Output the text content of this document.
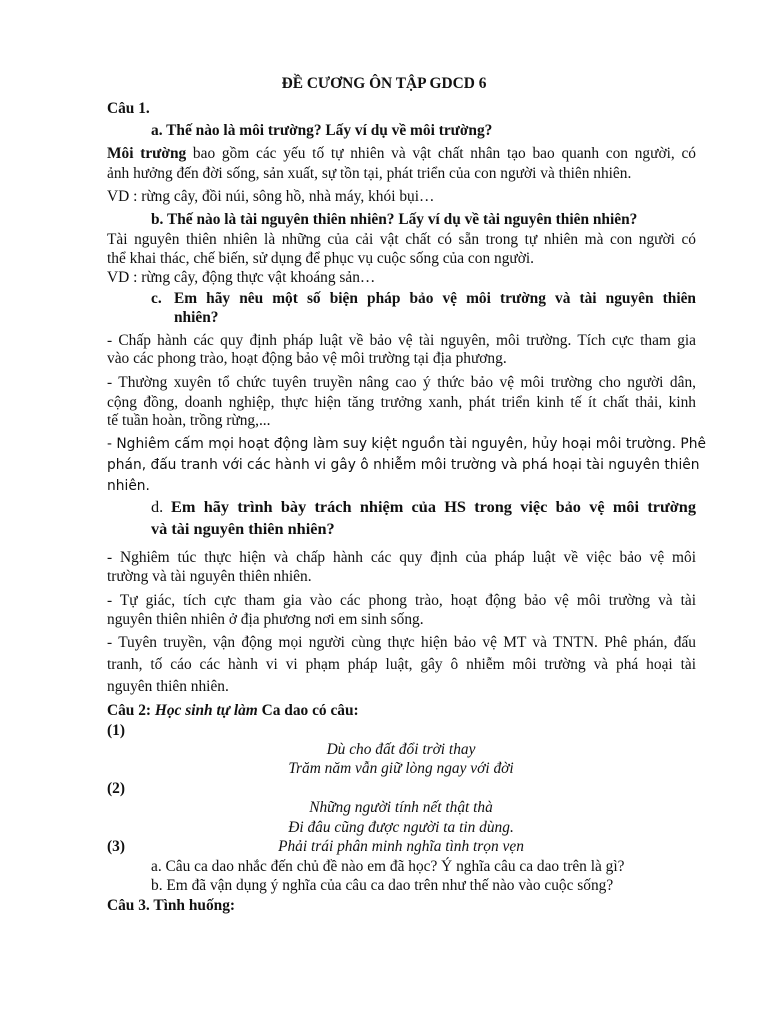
ĐỀ CƯƠNG ÔN TẬP GDCD 6
Câu 1.
a. Thế nào là môi trường? Lấy ví dụ về môi trường?
Môi trường bao gồm các yếu tố tự nhiên và vật chất nhân tạo bao quanh con người, có
ảnh hưởng đến đời sống, sản xuất, sự tồn tại, phát triển của con người và thiên nhiên.
VD : rừng cây, đồi núi, sông hồ, nhà máy, khói bụi…
b. Thế nào là tài nguyên thiên nhiên? Lấy ví dụ về tài nguyên thiên nhiên?
Tài nguyên thiên nhiên là những của cải vật chất có sẵn trong tự nhiên mà con người có
thể khai thác, chế biến, sử dụng để phục vụ cuộc sống của con người.
VD : rừng cây, động thực vật khoáng sản…
c. Em hãy nêu một số biện pháp bảo vệ môi trường và tài nguyên thiên
nhiên?
- Chấp hành các quy định pháp luật về bảo vệ tài nguyên, môi trường. Tích cực tham gia
vào các phong trào, hoạt động bảo vệ môi trường tại địa phương.
- Thường xuyên tổ chức tuyên truyền nâng cao ý thức bảo vệ môi trường cho người dân,
cộng đồng, doanh nghiệp, thực hiện tăng trưởng xanh, phát triển kinh tế ít chất thải, kinh
tế tuần hoàn, trồng rừng,...
- Nghiêm cấm mọi hoạt động làm suy kiệt nguồn tài nguyên, hủy hoại môi trường. Phê
phán, đấu tranh với các hành vi gây ô nhiễm môi trường và phá hoại tài nguyên thiên
nhiên.
d. Em hãy trình bày trách nhiệm của HS trong việc bảo vệ môi trường
và tài nguyên thiên nhiên?
- Nghiêm túc thực hiện và chấp hành các quy định của pháp luật về việc bảo vệ môi
trường và tài nguyên thiên nhiên.
- Tự giác, tích cực tham gia vào các phong trào, hoạt động bảo vệ môi trường và tài
nguyên thiên nhiên ở địa phương nơi em sinh sống.
- Tuyên truyền, vận động mọi người cùng thực hiện bảo vệ MT và TNTN. Phê phán, đấu
tranh, tố cáo các hành vi vi phạm pháp luật, gây ô nhiễm môi trường và phá hoại tài
nguyên thiên nhiên.
Câu 2: Học sinh tự làm Ca dao có câu:
(1)
Dù cho đất đổi trời thay
Trăm năm vẫn giữ lòng ngay với đời
(2)
Những người tính nết thật thà
Đi đâu cũng được người ta tin dùng.
(3)	Phải trái phân minh nghĩa tình trọn vẹn
a. Câu ca dao nhắc đến chủ đề nào em đã học? Ý nghĩa câu ca dao trên là gì?
b. Em đã vận dụng ý nghĩa của câu ca dao trên như thế nào vào cuộc sống?
Câu 3. Tình huống:
